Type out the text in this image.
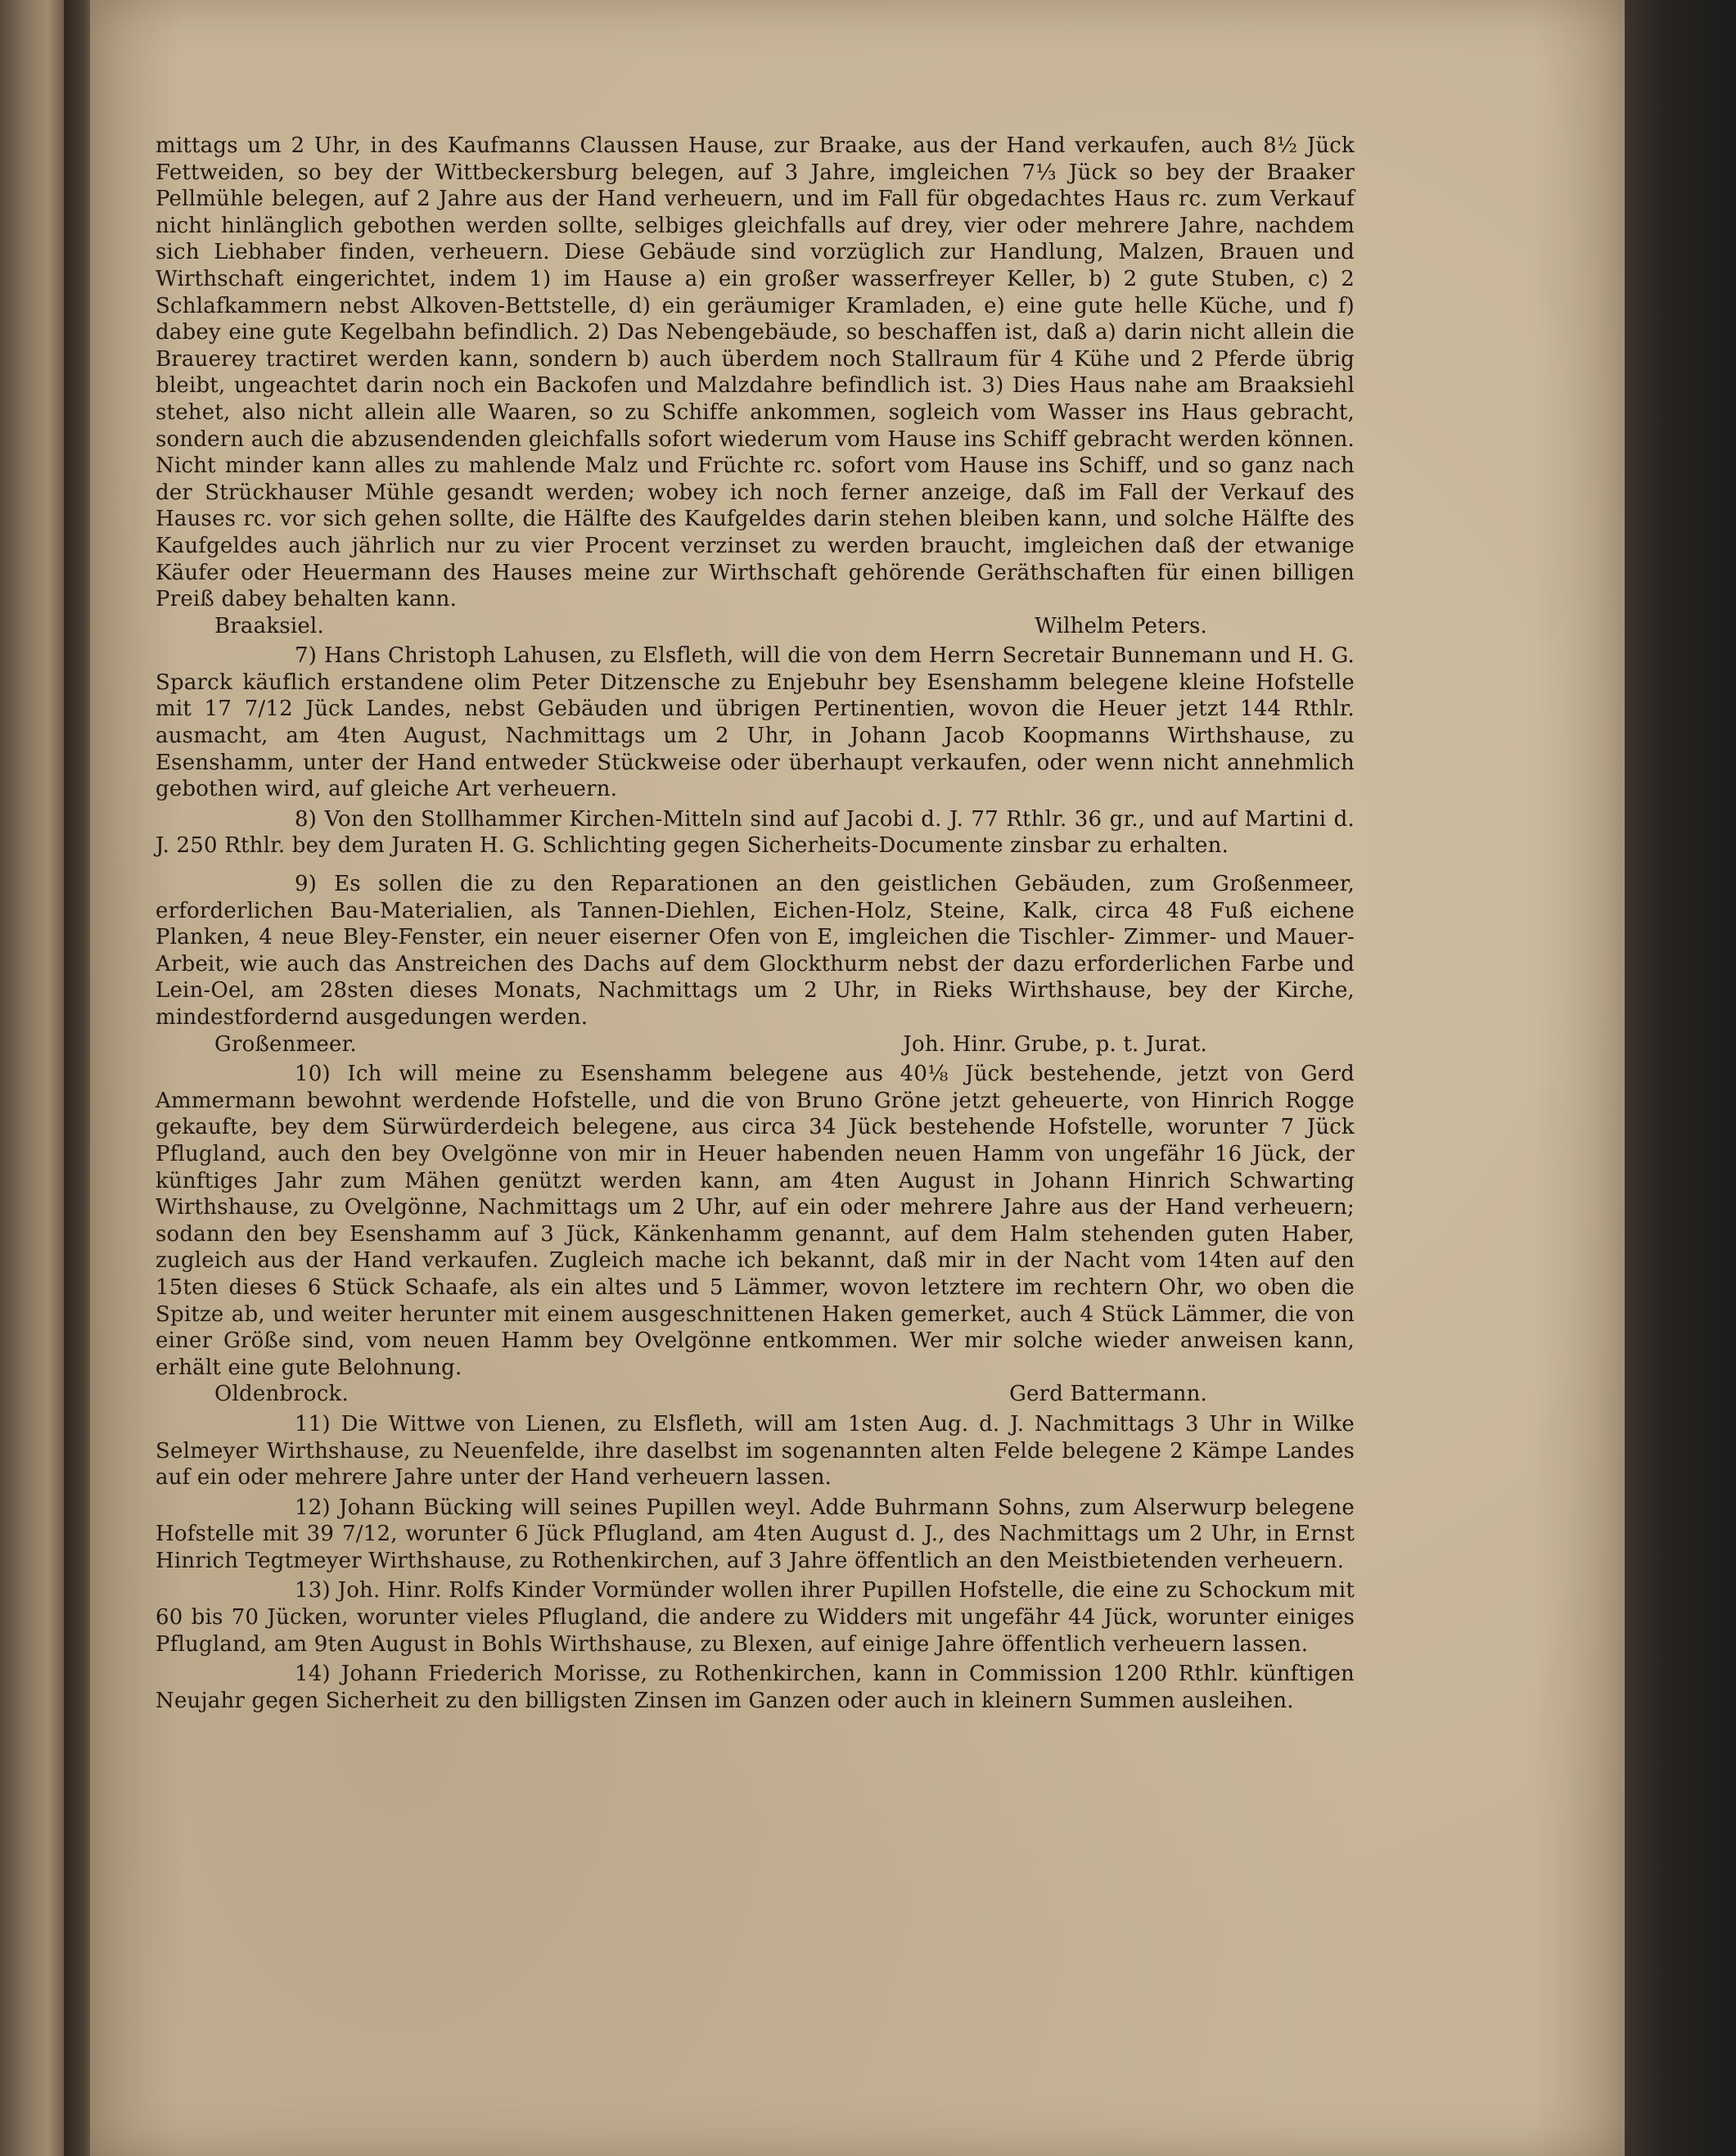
mittags um 2 Uhr, in des Kaufmanns Claussen Hause, zur Braake, aus der Hand verkaufen, auch 8½ Jück Fettweiden, so bey der Wittbeckersburg belegen, auf 3 Jahre, imgleichen 7⅓ Jück so bey der Braaker Pellmühle belegen, auf 2 Jahre aus der Hand verheuern, und im Fall für obgedachtes Haus rc. zum Verkauf nicht hinlänglich gebothen werden sollte, selbiges gleichfalls auf drey, vier oder mehrere Jahre, nachdem sich Liebhaber finden, verheuern. Diese Gebäude sind vorzüglich zur Handlung, Malzen, Brauen und Wirthschaft eingerichtet, indem 1) im Hause a) ein großer wasserfreyer Keller, b) 2 gute Stuben, c) 2 Schlafkammern nebst Alkoven-Bettstelle, d) ein geräumiger Kramladen, e) eine gute helle Küche, und f) dabey eine gute Kegelbahn befindlich. 2) Das Nebengebäude, so beschaffen ist, daß a) darin nicht allein die Brauerey tractiret werden kann, sondern b) auch überdem noch Stallraum für 4 Kühe und 2 Pferde übrig bleibt, ungeachtet darin noch ein Backofen und Malzdahre befindlich ist. 3) Dies Haus nahe am Braaksiehl stehet, also nicht allein alle Waaren, so zu Schiffe ankommen, sogleich vom Wasser ins Haus gebracht, sondern auch die abzusendenden gleichfalls sofort wiederum vom Hause ins Schiff gebracht werden können. Nicht minder kann alles zu mahlende Malz und Früchte rc. sofort vom Hause ins Schiff, und so ganz nach der Strückhauser Mühle gesandt werden; wobey ich noch ferner anzeige, daß im Fall der Verkauf des Hauses rc. vor sich gehen sollte, die Hälfte des Kaufgeldes darin stehen bleiben kann, und solche Hälfte des Kaufgeldes auch jährlich nur zu vier Procent verzinset zu werden braucht, imgleichen daß der etwanige Käufer oder Heuermann des Hauses meine zur Wirthschaft gehörende Geräthschaften für einen billigen Preiß dabey behalten kann.

Braaksiel.	Wilhelm Peters.

7) Hans Christoph Lahusen, zu Elsfleth, will die von dem Herrn Secretair Bunnemann und H. G. Sparck käuflich erstandene olim Peter Ditzensche zu Enjebuhr bey Esenshamm belegene kleine Hofstelle mit 17 7/12 Jück Landes, nebst Gebäuden und übrigen Pertinentien, wovon die Heuer jetzt 144 Rthlr. ausmacht, am 4ten August, Nachmittags um 2 Uhr, in Johann Jacob Koopmanns Wirthshause, zu Esenshamm, unter der Hand entweder Stückweise oder überhaupt verkaufen, oder wenn nicht annehmlich gebothen wird, auf gleiche Art verheuern.

8) Von den Stollhammer Kirchen-Mitteln sind auf Jacobi d. J. 77 Rthlr. 36 gr., und auf Martini d. J. 250 Rthlr. bey dem Juraten H. G. Schlichting gegen Sicherheits-Documente zinsbar zu erhalten.

9) Es sollen die zu den Reparationen an den geistlichen Gebäuden, zum Großenmeer, erforderlichen Bau-Materialien, als Tannen-Diehlen, Eichen-Holz, Steine, Kalk, circa 48 Fuß eichene Planken, 4 neue Bley-Fenster, ein neuer eiserner Ofen von E, imgleichen die Tischler- Zimmer- und Mauer-Arbeit, wie auch das Anstreichen des Dachs auf dem Glockthurm nebst der dazu erforderlichen Farbe und Lein-Oel, am 28sten dieses Monats, Nachmittags um 2 Uhr, in Rieks Wirthshause, bey der Kirche, mindestfordernd ausgedungen werden.

Großenmeer.	Joh. Hinr. Grube, p. t. Jurat.

10) Ich will meine zu Esenshamm belegene aus 40⅛ Jück bestehende, jetzt von Gerd Ammermann bewohnt werdende Hofstelle, und die von Bruno Gröne jetzt geheuerte, von Hinrich Rogge gekaufte, bey dem Sürwürderdeich belegene, aus circa 34 Jück bestehende Hofstelle, worunter 7 Jück Pflugland, auch den bey Ovelgönne von mir in Heuer habenden neuen Hamm von ungefähr 16 Jück, der künftiges Jahr zum Mähen genützt werden kann, am 4ten August in Johann Hinrich Schwarting Wirthshause, zu Ovelgönne, Nachmittags um 2 Uhr, auf ein oder mehrere Jahre aus der Hand verheuern; sodann den bey Esenshamm auf 3 Jück, Känkenhamm genannt, auf dem Halm stehenden guten Haber, zugleich aus der Hand verkaufen. Zugleich mache ich bekannt, daß mir in der Nacht vom 14ten auf den 15ten dieses 6 Stück Schaafe, als ein altes und 5 Lämmer, wovon letztere im rechtern Ohr, wo oben die Spitze ab, und weiter herunter mit einem ausgeschnittenen Haken gemerket, auch 4 Stück Lämmer, die von einer Größe sind, vom neuen Hamm bey Ovelgönne entkommen. Wer mir solche wieder anweisen kann, erhält eine gute Belohnung.

Oldenbrock.	Gerd Battermann.

11) Die Wittwe von Lienen, zu Elsfleth, will am 1sten Aug. d. J. Nachmittags 3 Uhr in Wilke Selmeyer Wirthshause, zu Neuenfelde, ihre daselbst im sogenannten alten Felde belegene 2 Kämpe Landes auf ein oder mehrere Jahre unter der Hand verheuern lassen.

12) Johann Bücking will seines Pupillen weyl. Adde Buhrmann Sohns, zum Alserwurp belegene Hofstelle mit 39 7/12, worunter 6 Jück Pflugland, am 4ten August d. J., des Nachmittags um 2 Uhr, in Ernst Hinrich Tegtmeyer Wirthshause, zu Rothenkirchen, auf 3 Jahre öffentlich an den Meistbietenden verheuern.

13) Joh. Hinr. Rolfs Kinder Vormünder wollen ihrer Pupillen Hofstelle, die eine zu Schockum mit 60 bis 70 Jücken, worunter vieles Pflugland, die andere zu Widders mit ungefähr 44 Jück, worunter einiges Pflugland, am 9ten August in Bohls Wirthshause, zu Blexen, auf einige Jahre öffentlich verheuern lassen.

14) Johann Friederich Morisse, zu Rothenkirchen, kann in Commission 1200 Rthlr. künftigen Neujahr gegen Sicherheit zu den billigsten Zinsen im Ganzen oder auch in kleinern Summen ausleihen.
